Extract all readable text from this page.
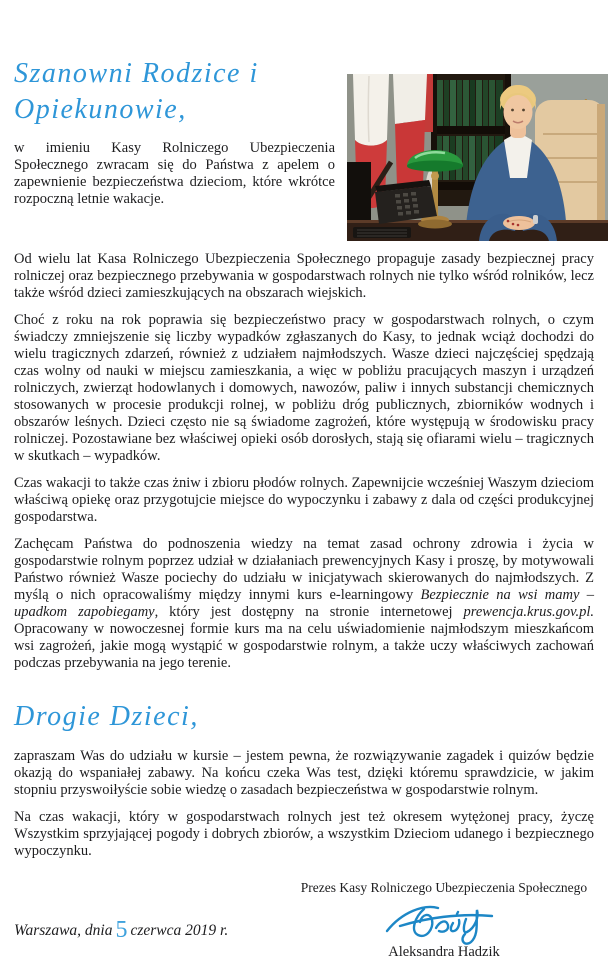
Szanowni Rodzice i Opiekunowie,

w imieniu Kasy Rolniczego Ubezpieczenia Społecznego zwracam się do Państwa z apelem o zapewnienie bezpieczeństwa dzieciom, które wkrótce rozpoczną letnie wakacje.

Od wielu lat Kasa Rolniczego Ubezpieczenia Społecznego propaguje zasady bezpiecznej pracy rolniczej oraz bezpiecznego przebywania w gospodarstwach rolnych nie tylko wśród rolników, lecz także wśród dzieci zamieszkujących na obszarach wiejskich.

Choć z roku na rok poprawia się bezpieczeństwo pracy w gospodarstwach rolnych, o czym świadczy zmniejszenie się liczby wypadków zgłaszanych do Kasy, to jednak wciąż dochodzi do wielu tragicznych zdarzeń, również z udziałem najmłodszych. Wasze dzieci najczęściej spędzają czas wolny od nauki w miejscu zamieszkania, a więc w pobliżu pracujących maszyn i urządzeń rolniczych, zwierząt hodowlanych i domowych, nawozów, paliw i innych substancji chemicznych stosowanych w procesie produkcji rolnej, w pobliżu dróg publicznych, zbiorników wodnych i obszarów leśnych. Dzieci często nie są świadome zagrożeń, które występują w środowisku pracy rolniczej. Pozostawiane bez właściwej opieki osób dorosłych, stają się ofiarami wielu – tragicznych w skutkach – wypadków.

Czas wakacji to także czas żniw i zbioru płodów rolnych. Zapewnijcie wcześniej Waszym dzieciom właściwą opiekę oraz przygotujcie miejsce do wypoczynku i zabawy z dala od części produkcyjnej gospodarstwa.

Zachęcam Państwa do podnoszenia wiedzy na temat zasad ochrony zdrowia i życia w gospodarstwie rolnym poprzez udział w działaniach prewencyjnych Kasy i proszę, by motywowali Państwo również Wasze pociechy do udziału w inicjatywach skierowanych do najmłodszych. Z myślą o nich opracowaliśmy między innymi kurs e-learningowy Bezpiecznie na wsi mamy – upadkom zapobiegamy, który jest dostępny na stronie internetowej prewencja.krus.gov.pl. Opracowany w nowoczesnej formie kurs ma na celu uświadomienie najmłodszym mieszkańcom wsi zagrożeń, jakie mogą wystąpić w gospodarstwie rolnym, a także uczy właściwych zachowań podczas przebywania na jego terenie.

Drogie Dzieci,

zapraszam Was do udziału w kursie – jestem pewna, że rozwiązywanie zagadek i quizów będzie okazją do wspaniałej zabawy. Na końcu czeka Was test, dzięki któremu sprawdzicie, w jakim stopniu przyswoiłyście sobie wiedzę o zasadach bezpieczeństwa w gospodarstwie rolnym.

Na czas wakacji, który w gospodarstwach rolnych jest też okresem wytężonej pracy, życzę Wszystkim sprzyjającej pogody i dobrych zbiorów, a wszystkim Dzieciom udanego i bezpiecznego wypoczynku.

Prezes Kasy Rolniczego Ubezpieczenia Społecznego
Aleksandra Hadzik
Warszawa, dnia 5 czerwca 2019 r.
